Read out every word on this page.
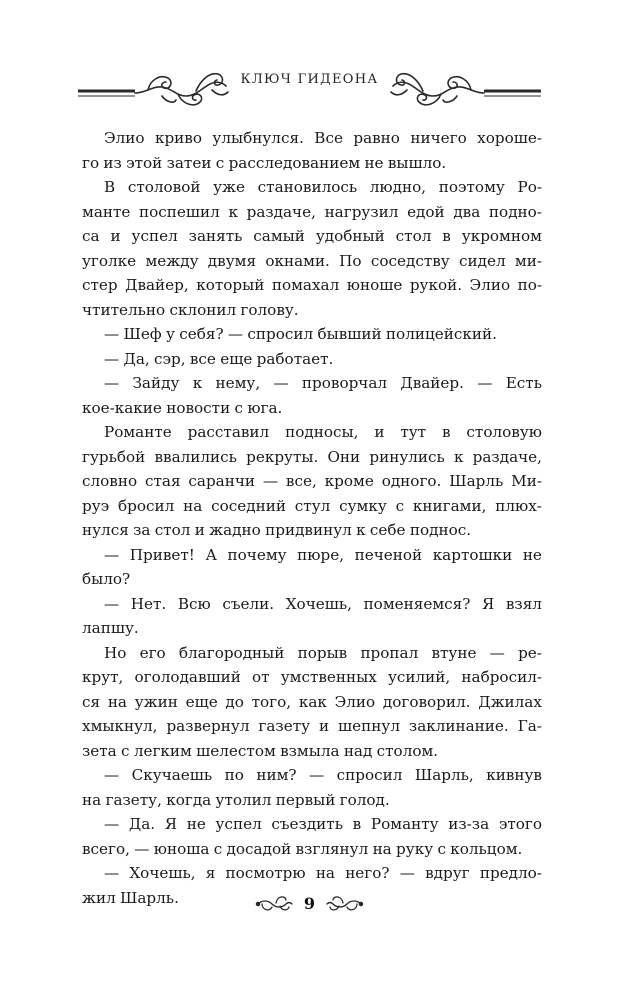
КЛЮЧ ГИДЕОНА
Элио криво улыбнулся. Все равно ничего хороше-
го из этой затеи с расследованием не вышло.
В столовой уже становилось людно, поэтому Ро-
манте поспешил к раздаче, нагрузил едой два подно-
са и успел занять самый удобный стол в укромном
уголке между двумя окнами. По соседству сидел ми-
стер Двайер, который помахал юноше рукой. Элио по-
чтительно склонил голову.
— Шеф у себя? — спросил бывший полицейский.
— Да, сэр, все еще работает.
— Зайду к нему, — проворчал Двайер. — Есть
кое-какие новости с юга.
Романте расставил подносы, и тут в столовую
гурьбой ввалились рекруты. Они ринулись к раздаче,
словно стая саранчи — все, кроме одного. Шарль Ми-
руэ бросил на соседний стул сумку с книгами, плюх-
нулся за стол и жадно придвинул к себе поднос.
— Привет! А почему пюре, печеной картошки не
было?
— Нет. Всю съели. Хочешь, поменяемся? Я взял
лапшу.
Но его благородный порыв пропал втуне — ре-
крут, оголодавший от умственных усилий, набросил-
ся на ужин еще до того, как Элио договорил. Джилах
хмыкнул, развернул газету и шепнул заклинание. Га-
зета с легким шелестом взмыла над столом.
— Скучаешь по ним? — спросил Шарль, кивнув
на газету, когда утолил первый голод.
— Да. Я не успел съездить в Романту из-за этого
всего, — юноша с досадой взглянул на руку с кольцом.
— Хочешь, я посмотрю на него? — вдруг предло-
жил Шарль.	9
